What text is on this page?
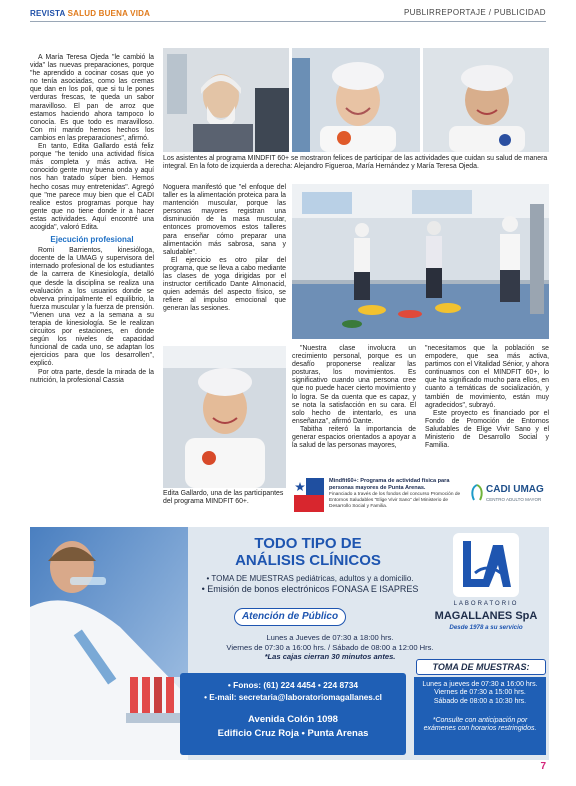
REVISTA SALUD BUENA VIDA	PUBLIRREPORTAJE / PUBLICIDAD

A María Teresa Ojeda "le cambió la vida" las nuevas preparaciones, porque "he aprendido a cocinar cosas que yo no tenía asociadas, como las cremas que dan en los poli, que si tu le pones verduras frescas, te queda un sabor maravilloso. El pan de arroz que estamos haciendo ahora tampoco lo conocía. Es que todo es maravilloso. Con mi marido hemos hechos los cambios en las preparaciones", afirmó.

En tanto, Edita Gallardo está feliz porque "he tenido una actividad física más completa y más activa. He conocido gente muy buena onda y aquí nos han tratado súper bien. Hemos hecho cosas muy entretenidas". Agregó que "me parece muy bien que el CADI realice estos programas porque hay gente que no tiene donde ir a hacer estas actividades. Aquí encontré una acogida", valoró Edita.

Ejecución profesional

Romi Barrientos, kinesióloga, docente de la UMAG y supervisora del internado profesional de los estudiantes de la carrera de Kinesiología, detalló que desde la disciplina se realiza una evaluación a los usuarios donde se obverva principalmente el equilibrio, la fuerza muscular y la fuerza de prensión. "Vienen una vez a la semana a su terapia de kinesiología. Se le realizan circuitos por estaciones, en donde según los niveles de capacidad funcional de cada uno, se adaptan los ejercicios para que los desarrollen", explicó.

Por otra parte, desde la mirada de la nutrición, la profesional Cassia

Los asistentes al programa MINDFIT 60+ se mostraron felices de participar de las actividades que cuidan su salud de manera integral. En la foto de izquierda a derecha: Alejandro Figueroa, María Hernández y María Teresa Ojeda.

Noguera manifestó que "el enfoque del taller es la alimentación proteica para la mantención muscular, porque las personas mayores registran una disminución de la masa muscular, entonces promovemos estos talleres para enseñar cómo preparar una alimentación más sabrosa, sana y saludable".

El ejercicio es otro pilar del programa, que se lleva a cabo mediante las clases de yoga dirigidas por el instructor certificado Dante Almonacid, quien además del aspecto físico, se refiere al impulso emocional que generan las sesiones.

Edita Gallardo, una de las participantes del programa MINDFIT 60+.

"Nuestra clase involucra un crecimiento personal, porque es un desafío proponerse realizar las posturas, los movimientos. Es significativo cuando una persona cree que no puede hacer cierto movimiento y lo logra. Se da cuenta que es capaz, y se nota la satisfacción en su cara. El solo hecho de intentarlo, es una enseñanza", afirmó Dante.

Tabitha reiteró la importancia de generar espacios orientados a apoyar a la salud de las personas mayores,

"necesitamos que la población se empodere, que sea más activa, partimos con el Vitalidad Sénior, y ahora continuamos con el MINDFIT 60+, lo que ha significado mucho para ellos, en cuanto a temáticas de socialización, y también de movimiento, están muy agradecidos", subrayó.

Este proyecto es financiado por el Fondo de Promoción de Entornos Saludables de Elige Vivir Sano y el Ministerio de Desarrollo Social y Familia.

Mindfit60+: Programa de actividad física para personas mayores de Punta Arenas.
Financiado a través de los fondos del concurso Promoción de Entornos Saludables "Elige Vivir Sano" del Ministerio de Desarrollo Social y Familia.
CADI UMAG
CENTRO ADULTO MAYOR
TODO TIPO DE
ANÁLISIS CLÍNICOS
• TOMA DE MUESTRAS pediátricas, adultos y a domicilio.
• Emisión de bonos electrónicos FONASA E ISAPRES
Atención de Público
Lunes a Jueves de 07:30 a 18:00 hrs.
Viernes de 07:30 a 16:00 hrs. / Sábado de 08:00 a 12:00 Hrs.
*Las cajas cierran 30 minutos antes.
• Fonos: (61) 224 4454 • 224 8734
• E-mail: secretaria@laboratoriomagallanes.cl
Avenida Colón 1098
Edificio Cruz Roja • Punta Arenas
LABORATORIO
MAGALLANES SpA
Desde 1978 a su servicio
TOMA DE MUESTRAS:
Lunes a jueves de 07:30 a 16:00 hrs.
Viernes de 07:30 a 15:00 hrs.
Sábado de 08:00 a 10:30 hrs.
*Consulte con anticipación por exámenes con horarios restringidos.
7
